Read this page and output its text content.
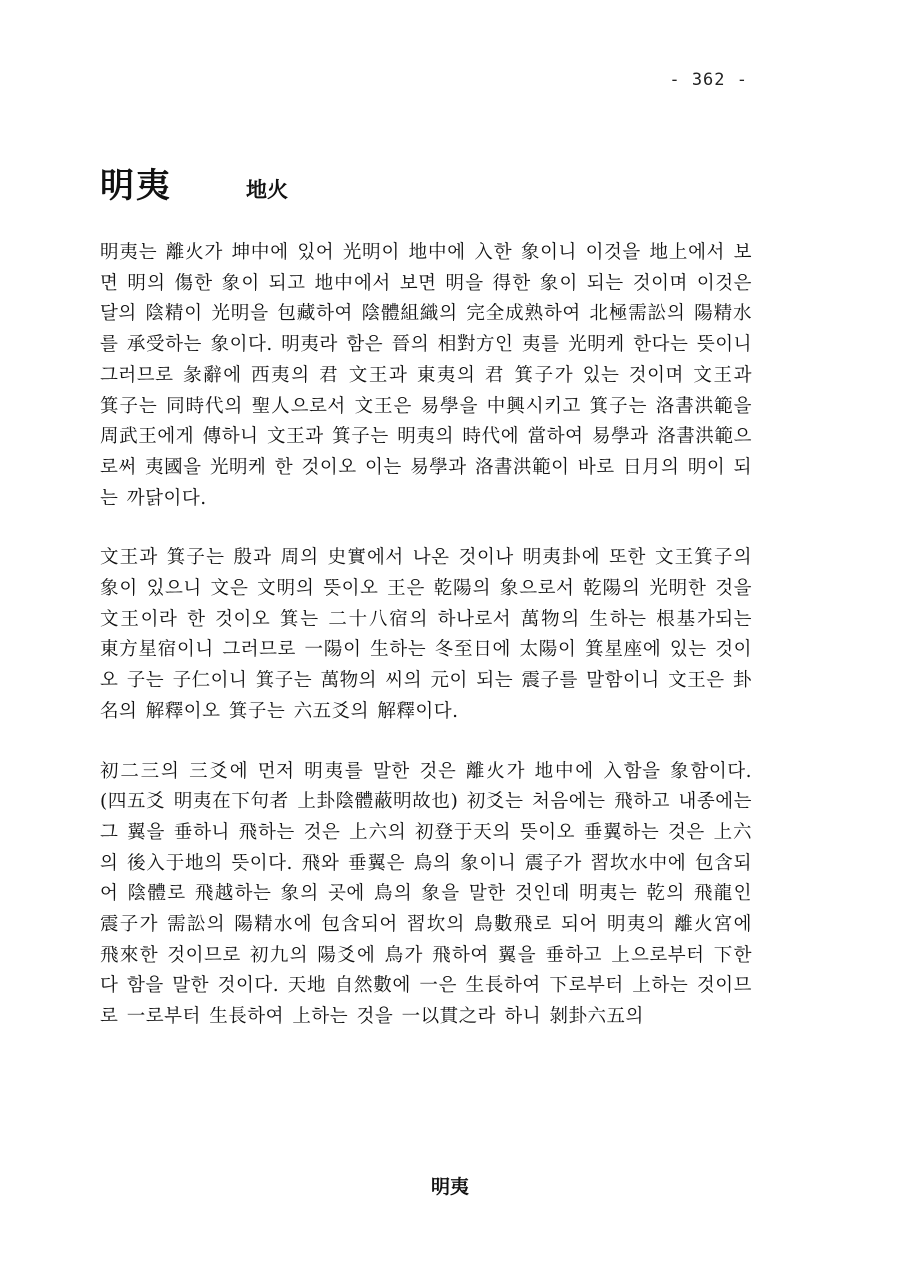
- 362 -
明夷	地火

明夷는 離火가 坤中에 있어 光明이 地中에 入한 象이니 이것을 地上에서 보면 明의 傷한 象이 되고 地中에서 보면 明을 得한 象이 되는 것이며 이것은 달의 陰精이 光明을 包藏하여 陰體組織의 完全成熟하여 北極需訟의 陽精水를 承受하는 象이다. 明夷라 함은 晉의 相對方인 夷를 光明케 한다는 뜻이니 그러므로 彖辭에 西夷의 君 文王과 東夷의 君 箕子가 있는 것이며 文王과 箕子는 同時代의 聖人으로서 文王은 易學을 中興시키고 箕子는 洛書洪範을 周武王에게 傳하니 文王과 箕子는 明夷의 時代에 當하여 易學과 洛書洪範으로써 夷國을 光明케 한 것이오 이는 易學과 洛書洪範이 바로 日月의 明이 되는 까닭이다.

文王과 箕子는 殷과 周의 史實에서 나온 것이나 明夷卦에 또한 文王箕子의 象이 있으니 文은 文明의 뜻이오 王은 乾陽의 象으로서 乾陽의 光明한 것을 文王이라 한 것이오 箕는 二十八宿의 하나로서 萬物의 生하는 根基가되는 東方星宿이니 그러므로 一陽이 生하는 冬至日에 太陽이 箕星座에 있는 것이오 子는 子仁이니 箕子는 萬物의 씨의 元이 되는 震子를 말함이니 文王은 卦名의 解釋이오 箕子는 六五爻의 解釋이다.

初二三의 三爻에 먼저 明夷를 말한 것은 離火가 地中에 入함을 象함이다. (四五爻 明夷在下句者 上卦陰體蔽明故也) 初爻는 처음에는 飛하고 내종에는 그 翼을 垂하니 飛하는 것은 上六의 初登于天의 뜻이오 垂翼하는 것은 上六의 後入于地의 뜻이다. 飛와 垂翼은 鳥의 象이니 震子가 習坎水中에 包含되어 陰體로 飛越하는 象의 곳에 鳥의 象을 말한 것인데 明夷는 乾의 飛龍인 震子가 需訟의 陽精水에 包含되어 習坎의 鳥數飛로 되어 明夷의 離火宮에 飛來한 것이므로 初九의 陽爻에 鳥가 飛하여 翼을 垂하고 上으로부터 下한다 함을 말한 것이다. 天地 自然數에 一은 生長하여 下로부터 上하는 것이므로 一로부터 生長하여 上하는 것을 一以貫之라 하니 剝卦六五의

明夷
